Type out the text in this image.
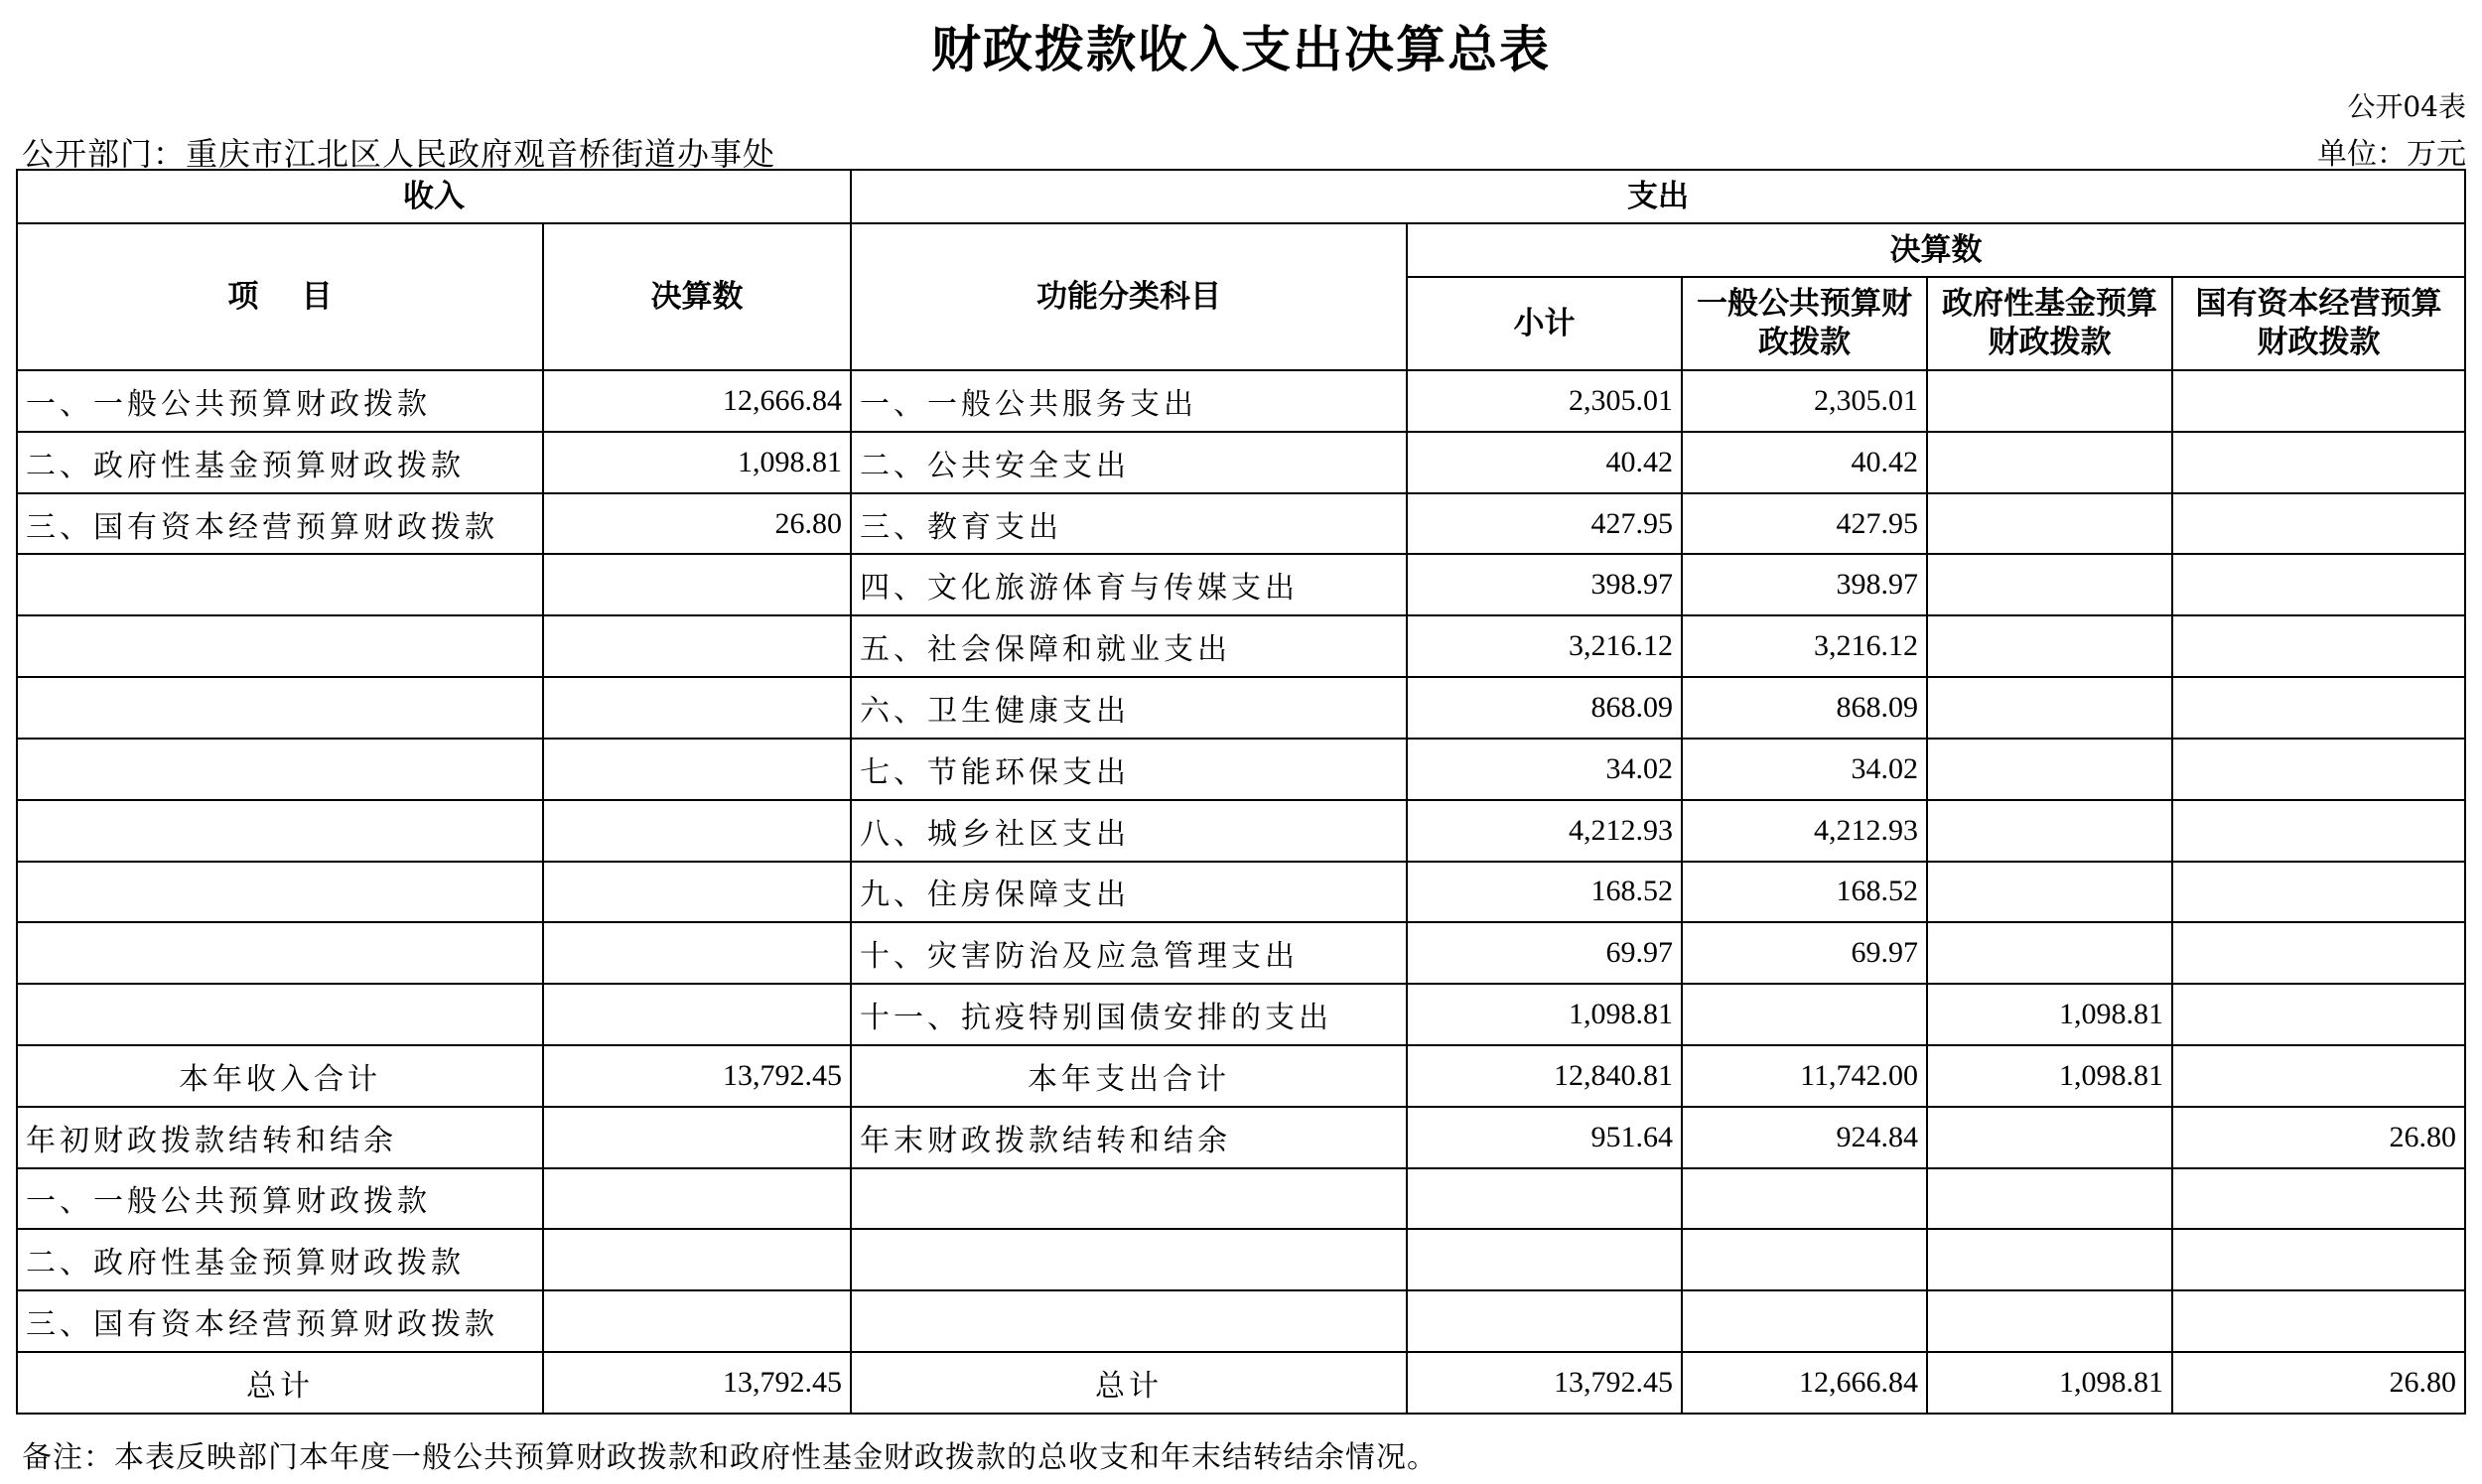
财政拨款收入支出决算总表
公开04表
公开部门：重庆市江北区人民政府观音桥街道办事处	单位：万元
收入		支出				
项    目	决算数	功能分类科目	决算数			
			小计	一般公共预算财政拨款	政府性基金预算财政拨款	国有资本经营预算财政拨款
一、一般公共预算财政拨款	12,666.84	一、一般公共服务支出	2,305.01	2,305.01		
二、政府性基金预算财政拨款	1,098.81	二、公共安全支出	40.42	40.42		
三、国有资本经营预算财政拨款	26.80	三、教育支出	427.95	427.95		
		四、文化旅游体育与传媒支出	398.97	398.97		
		五、社会保障和就业支出	3,216.12	3,216.12		
		六、卫生健康支出	868.09	868.09		
		七、节能环保支出	34.02	34.02		
		八、城乡社区支出	4,212.93	4,212.93		
		九、住房保障支出	168.52	168.52		
		十、灾害防治及应急管理支出	69.97	69.97		
		十一、抗疫特别国债安排的支出	1,098.81		1,098.81	
本年收入合计	13,792.45	本年支出合计	12,840.81	11,742.00	1,098.81	
年初财政拨款结转和结余		年末财政拨款结转和结余	951.64	924.84		26.80
一、一般公共预算财政拨款						
二、政府性基金预算财政拨款						
三、国有资本经营预算财政拨款						
总计	13,792.45	总计	13,792.45	12,666.84	1,098.81	26.80
备注：本表反映部门本年度一般公共预算财政拨款和政府性基金财政拨款的总收支和年末结转结余情况。
